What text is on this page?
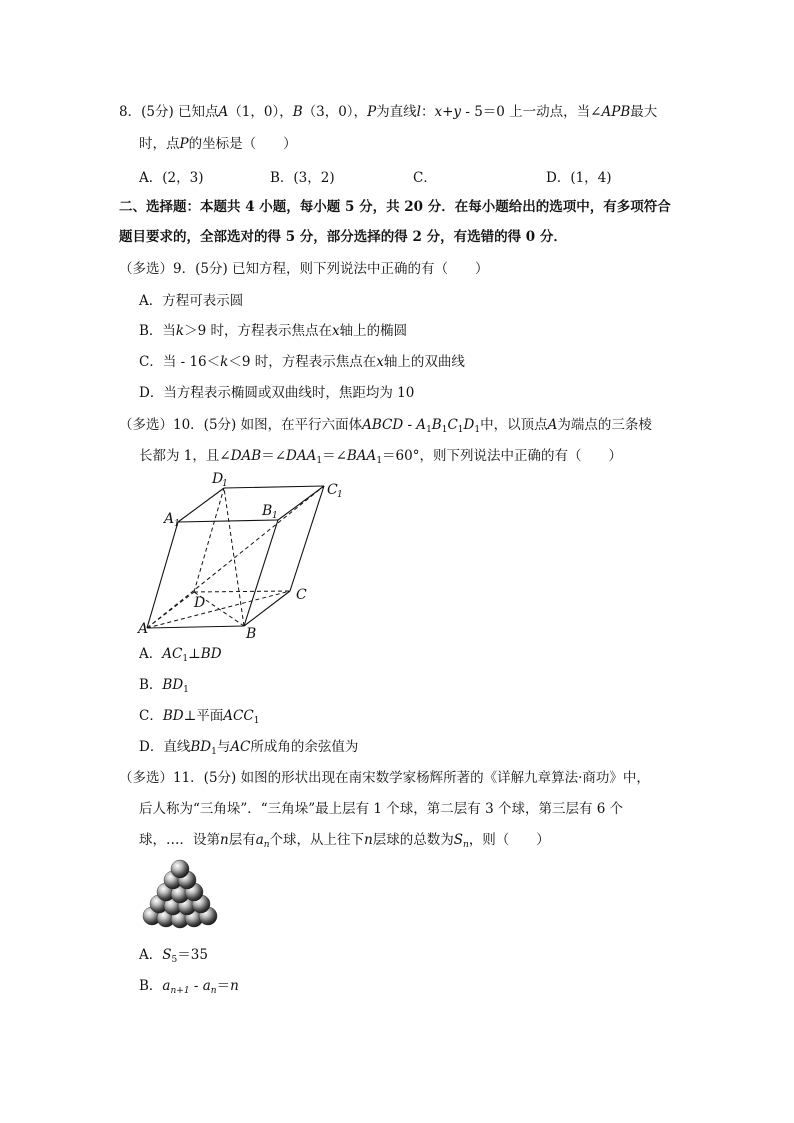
8．(5分) 已知点A（1，0），B（3，0），P为直线l：x+y - 5＝0 上一动点，当∠APB最大
时，点P的坐标是（　　）
A．(2，3)	B．(3，2)	C．	D．(1，4)
二、选择题：本题共 4 小题，每小题 5 分，共 20 分．在每小题给出的选项中，有多项符合
题目要求的，全部选对的得 5 分，部分选择的得 2 分，有选错的得 0 分．
（多选）9．(5分) 已知方程，则下列说法中正确的有（　　）
A．方程可表示圆
B．当k＞9 时，方程表示焦点在x轴上的椭圆
C．当 - 16＜k＜9 时，方程表示焦点在x轴上的双曲线
D．当方程表示椭圆或双曲线时，焦距均为 10
（多选）10．(5分) 如图，在平行六面体ABCD - $A_1B_1C_1D_1$中，以顶点A为端点的三条棱
长都为 1，且$\angle DAB=\angle DAA_1=\angle BAA_1=60^\circ$，则下列说法中正确的有（　　）
D
1	C 1
A 1
B 1
D	C
A	B
A．$AC_1\perp BD$
B．$BD_1$
C．BD⊥平面$ACC_1$
D．直线$BD_1$与AC所成角的余弦值为
（多选）11．(5分) 如图的形状出现在南宋数学家杨辉所著的《详解九章算法·商功》中，
后人称为“三角垛”．“三角垛”最上层有 1 个球，第二层有 3 个球，第三层有 6 个
球，…．设第n层有$a_n$个球，从上往下n层球的总数为$S_n$，则（　　）
A．$S_5=35$
B．$a_{n+1} - a_n=n$
